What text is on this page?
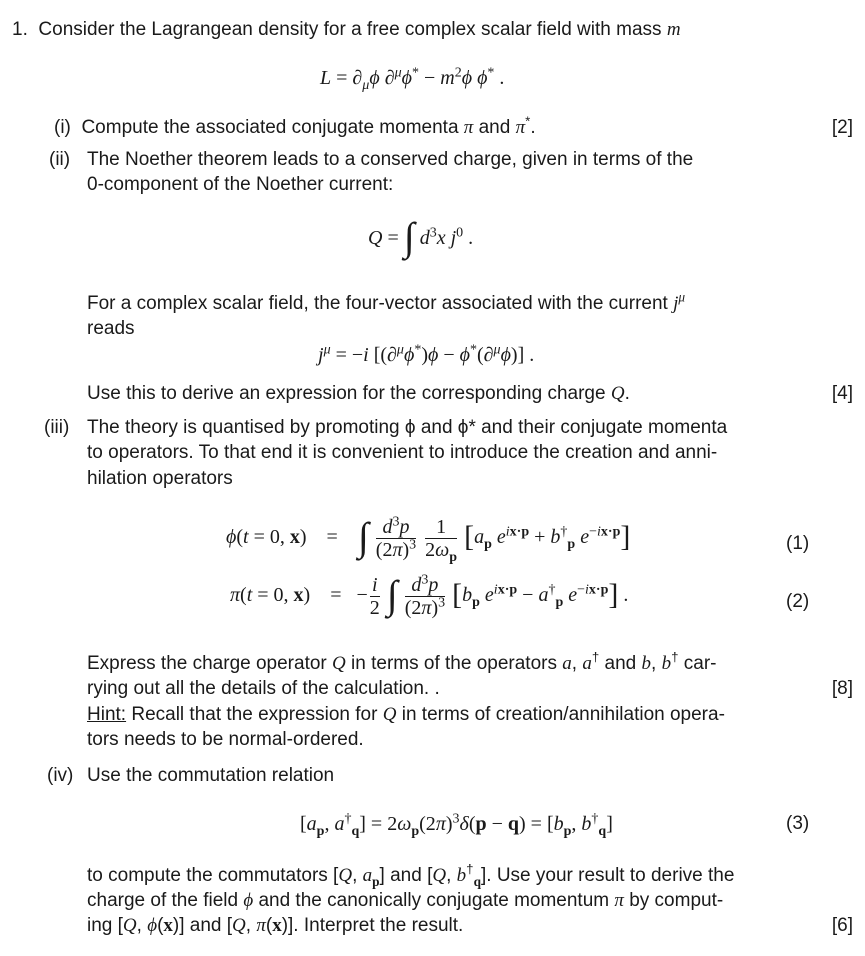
1. Consider the Lagrangean density for a free complex scalar field with mass m
$L = \partial_\mu\phi$ $\partial^\mu\phi^* - m^2\phi$ ϕ* .
(i) Compute the associated conjugate momenta π and π*.	[2]
(ii) The Noether theorem leads to a conserved charge, given in terms of the
0-component of the Noether current:
Q = ∫ $d^3x$ $j^0$ .
For a complex scalar field, the four-vector associated with the current $j^\mu$
reads
$j^\mu = -i$ [(∂$^\mu$ϕ*)ϕ − ϕ*(∂$^\mu$ϕ)] .
Use this to derive an expression for the corresponding charge Q.	[4]
(iii) The theory is quantised by promoting ϕ and ϕ* and their conjugate momenta
to operators. To that end it is convenient to introduce the creation and anni-
hilation operators
ϕ(t = 0, x)    =    ∫ $\frac{d^3p}{(2\pi)^3}$
$\frac{1}{2\omega_p} [a_p$ $e^{ix\cdot p} + b^\dagger_p$ $e^{-ix\cdot p}$]	(1)
π(t = 0, x)    =   − $\frac{i}{2}$ ∫ $\frac{d^3p}{(2\pi)^3} [b_p$ $e^{ix\cdot p} - a^\dagger_p$ $e^{-ix\cdot p}$] .	(2)
Express the charge operator Q in terms of the operators a, a† and b, b† car-
rying out all the details of the calculation. .	[8]
Hint: Recall that the expression for Q in terms of creation/annihilation opera-
tors needs to be normal-ordered.
(iv) Use the commutation relation
[$a_p$, $a^\dagger_q] = 2\omega_p(2\pi)^3\delta(p - q) = [b_p$, $b^\dagger_q$]	(3)
to compute the commutators [Q, $a_p$] and [Q, $b^\dagger_q$]. Use your result to derive the
charge of the field ϕ and the canonically conjugate momentum π by comput-
ing [Q, ϕ(x)] and [Q, π(x)]. Interpret the result.	[6]
